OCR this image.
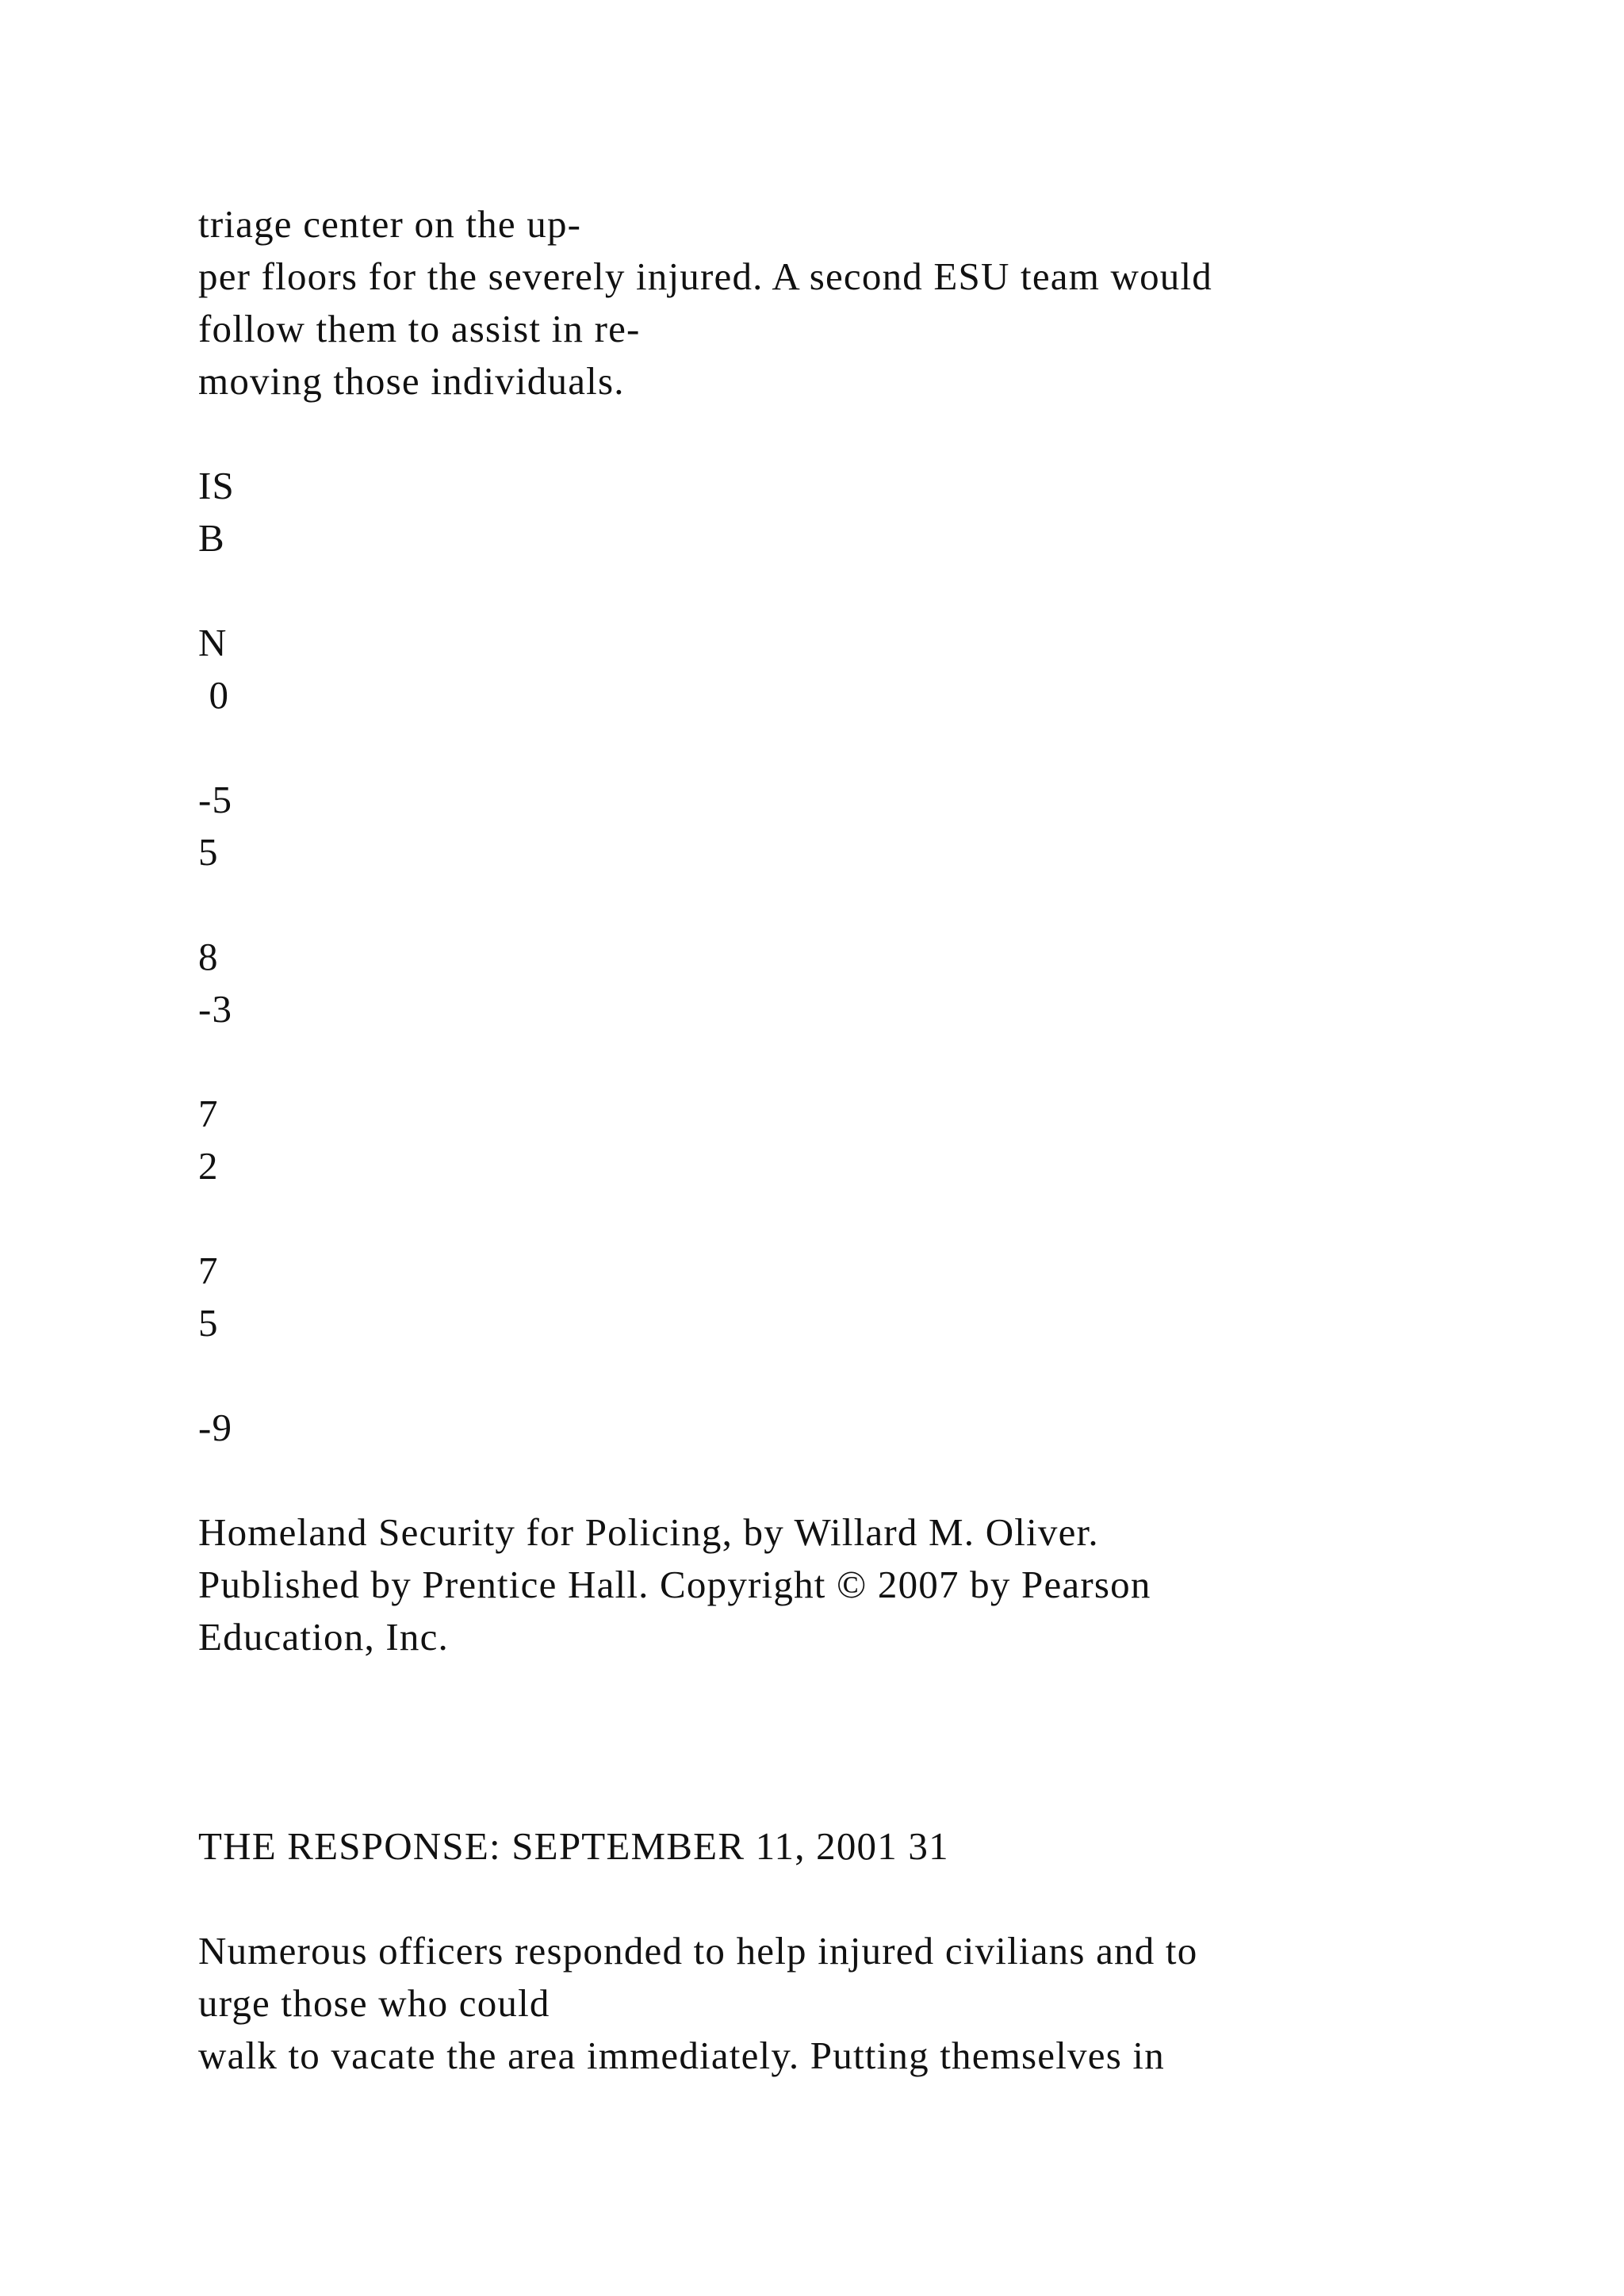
triage center on the up-

per floors for the severely injured. A second ESU team would

follow them to assist in re-

moving those individuals.

IS

B

N

0

-5

5

8

-3

7

2

7

5

-9

Homeland Security for Policing, by Willard M. Oliver.

Published by Prentice Hall. Copyright © 2007 by Pearson

Education, Inc.

THE RESPONSE: SEPTEMBER 11, 2001 31

Numerous officers responded to help injured civilians and to

urge those who could

walk to vacate the area immediately. Putting themselves in
